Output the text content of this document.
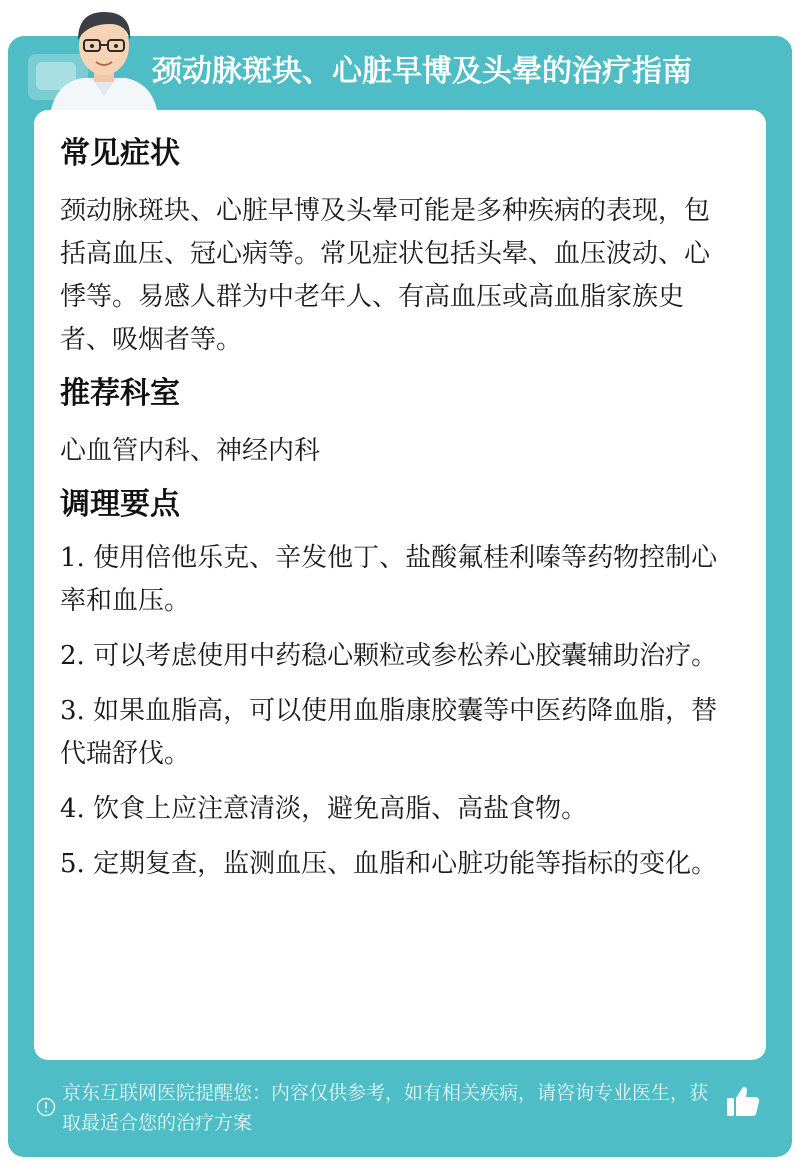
颈动脉斑块、心脏早博及头晕的治疗指南
常见症状

颈动脉斑块、心脏早博及头晕可能是多种疾病的表现，包括高血压、冠心病等。常见症状包括头晕、血压波动、心悸等。易感人群为中老年人、有高血压或高血脂家族史者、吸烟者等。

推荐科室

心血管内科、神经内科

调理要点
1. 使用倍他乐克、辛发他丁、盐酸氟桂利嗪等药物控制心率和血压。
2. 可以考虑使用中药稳心颗粒或参松养心胶囊辅助治疗。
3. 如果血脂高，可以使用血脂康胶囊等中医药降血脂，替代瑞舒伐。
4. 饮食上应注意清淡，避免高脂、高盐食物。
5. 定期复查，监测血压、血脂和心脏功能等指标的变化。
京东互联网医院提醒您：内容仅供参考，如有相关疾病，请咨询专业医生，获取最适合您的治疗方案
